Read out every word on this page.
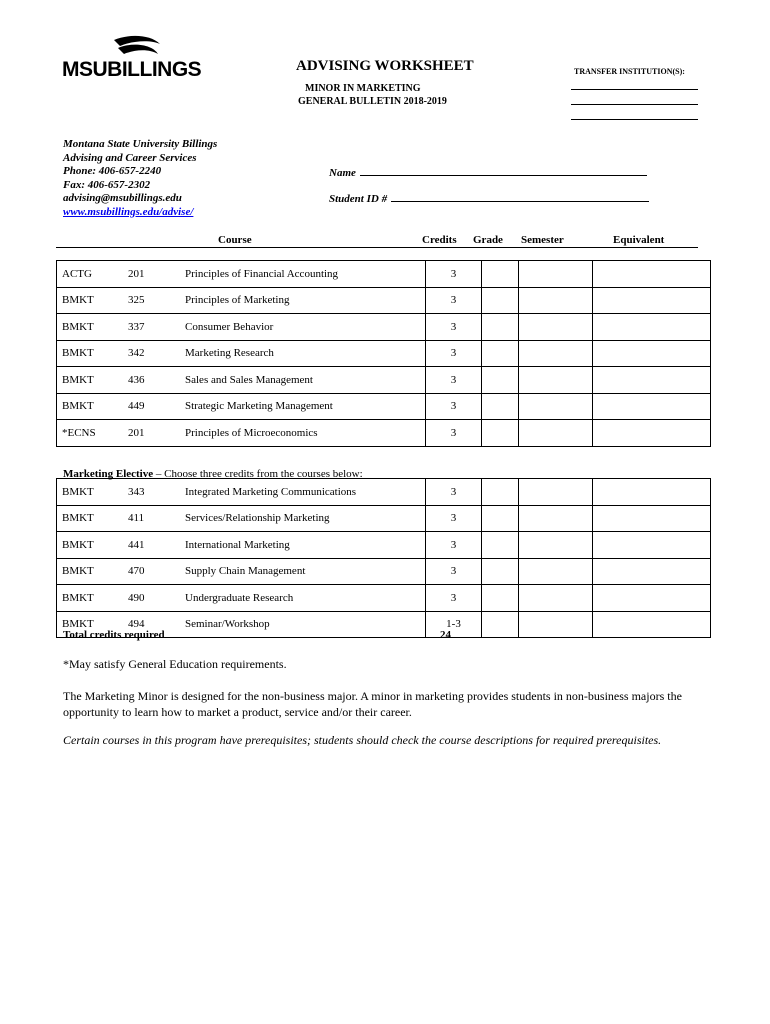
MSUBILLINGS	ADVISING WORKSHEET
MINOR IN MARKETING
GENERAL BULLETIN 2018-2019
TRANSFER INSTITUTION(S):
Montana State University Billings
Advising and Career Services
Phone: 406-657-2240
Fax: 406-657-2302
advising@msubillings.edu
www.msubillings.edu/advise/
Name
Student ID #
Course	Credits Grade Semester	Equivalent
ACTG	201	Principles of Financial Accounting	3			
BMKT	325	Principles of Marketing	3			
BMKT	337	Consumer Behavior	3			
BMKT	342	Marketing Research	3			
BMKT	436	Sales and Sales Management	3			
BMKT	449	Strategic Marketing Management	3			
*ECNS	201	Principles of Microeconomics	3			
Marketing Elective – Choose three credits from the courses below:
BMKT	343	Integrated Marketing Communications	3			
BMKT	411	Services/Relationship Marketing	3			
BMKT	441	International Marketing	3			
BMKT	470	Supply Chain Management	3			
BMKT	490	Undergraduate Research	3			
BMKT	494	Seminar/Workshop	1-3			
Total credits required	24
*May satisfy General Education requirements.
The Marketing Minor is designed for the non-business major. A minor in marketing provides students in non-business majors the opportunity to learn how to market a product, service and/or their career.
Certain courses in this program have prerequisites; students should check the course descriptions for required prerequisites.
